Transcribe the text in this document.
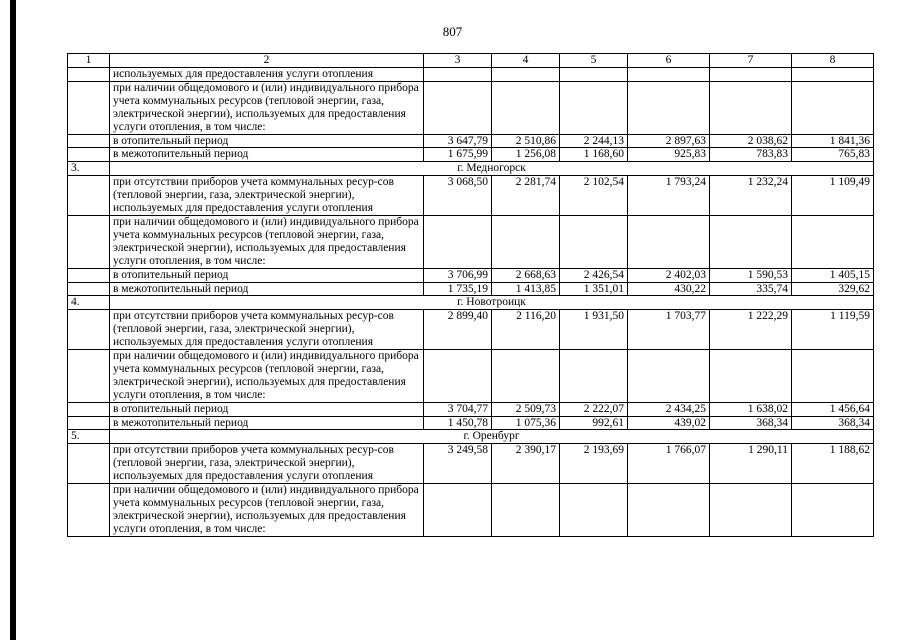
807
1	2	3	4	5	6	7	8
	используемых для предоставления услуги отопления						
	при наличии общедомового и (или) индивидуального прибора учета коммунальных ресурсов (тепловой энергии, газа, электрической энергии), используемых для предоставления услуги отопления, в том числе:						
	в отопительный период	3 647,79	2 510,86	2 244,13	2 897,63	2 038,62	1 841,36
	в межотопительный период	1 675,99	1 256,08	1 168,60	925,83	783,83	765,83
3.	г. Медногорск						
	при отсутствии приборов учета коммунальных ресур-сов (тепловой энергии, газа, электрической энергии), используемых для предоставления услуги отопления	3 068,50	2 281,74	2 102,54	1 793,24	1 232,24	1 109,49
	при наличии общедомового и (или) индивидуального прибора учета коммунальных ресурсов (тепловой энергии, газа, электрической энергии), используемых для предоставления услуги отопления, в том числе:						
	в отопительный период	3 706,99	2 668,63	2 426,54	2 402,03	1 590,53	1 405,15
	в межотопительный период	1 735,19	1 413,85	1 351,01	430,22	335,74	329,62
4.	г. Новотроицк						
	при отсутствии приборов учета коммунальных ресур-сов (тепловой энергии, газа, электрической энергии), используемых для предоставления услуги отопления	2 899,40	2 116,20	1 931,50	1 703,77	1 222,29	1 119,59
	при наличии общедомового и (или) индивидуального прибора учета коммунальных ресурсов (тепловой энергии, газа, электрической энергии), используемых для предоставления услуги отопления, в том числе:						
	в отопительный период	3 704,77	2 509,73	2 222,07	2 434,25	1 638,02	1 456,64
	в межотопительный период	1 450,78	1 075,36	992,61	439,02	368,34	368,34
5.	г. Оренбург						
	при отсутствии приборов учета коммунальных ресур-сов (тепловой энергии, газа, электрической энергии), используемых для предоставления услуги отопления	3 249,58	2 390,17	2 193,69	1 766,07	1 290,11	1 188,62
	при наличии общедомового и (или) индивидуального прибора учета коммунальных ресурсов (тепловой энергии, газа, электрической энергии), используемых для предоставления услуги отопления, в том числе:						
